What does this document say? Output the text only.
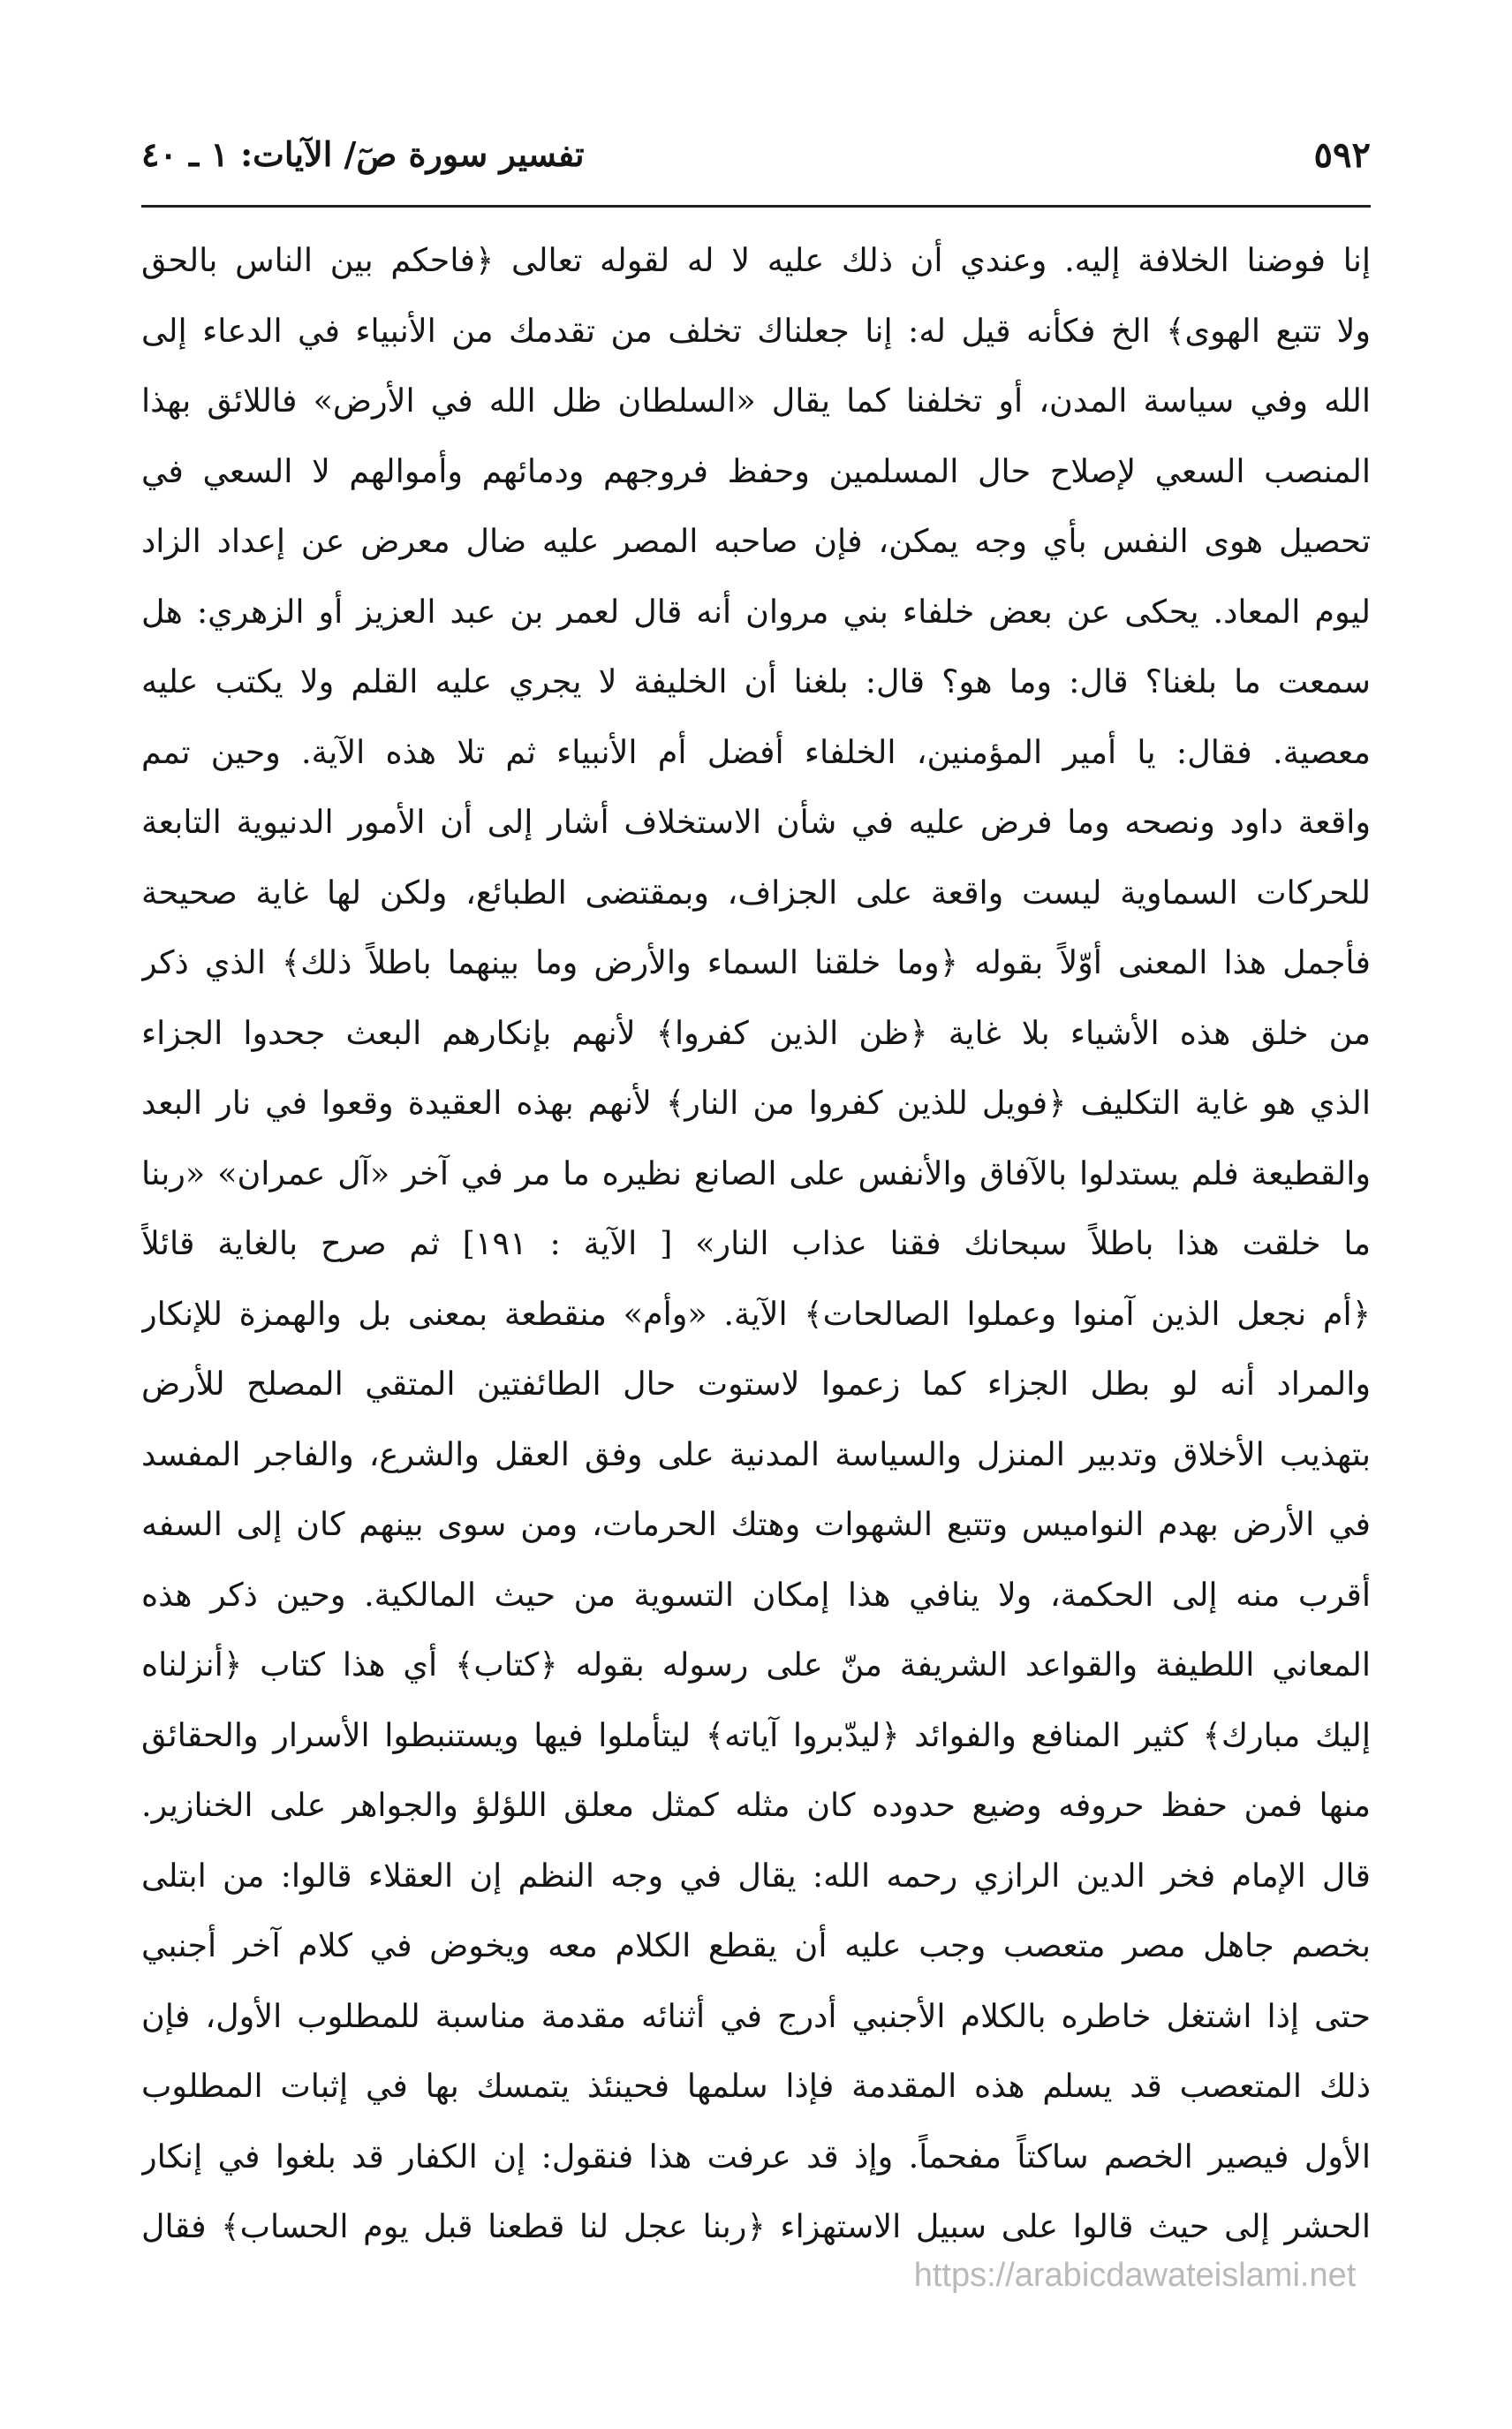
٥٩٢
تفسير سورة صٓ/ الآيات: ١ ـ ٤٠
إنا فوضنا الخلافة إليه. وعندي أن ذلك عليه لا له لقوله تعالى ﴿فاحكم بين الناس بالحق
ولا تتبع الهوى﴾ الخ فكأنه قيل له: إنا جعلناك تخلف من تقدمك من الأنبياء في الدعاء إلى
الله وفي سياسة المدن، أو تخلفنا كما يقال «السلطان ظل الله في الأرض» فاللائق بهذا
المنصب السعي لإصلاح حال المسلمين وحفظ فروجهم ودمائهم وأموالهم لا السعي في
تحصيل هوى النفس بأي وجه يمكن، فإن صاحبه المصر عليه ضال معرض عن إعداد الزاد
ليوم المعاد. يحكى عن بعض خلفاء بني مروان أنه قال لعمر بن عبد العزيز أو الزهري: هل
سمعت ما بلغنا؟ قال: وما هو؟ قال: بلغنا أن الخليفة لا يجري عليه القلم ولا يكتب عليه
معصية. فقال: يا أمير المؤمنين، الخلفاء أفضل أم الأنبياء ثم تلا هذه الآية. وحين تمم
واقعة داود ونصحه وما فرض عليه في شأن الاستخلاف أشار إلى أن الأمور الدنيوية التابعة
للحركات السماوية ليست واقعة على الجزاف، وبمقتضى الطبائع، ولكن لها غاية صحيحة
فأجمل هذا المعنى أوّلاً بقوله ﴿وما خلقنا السماء والأرض وما بينهما باطلاً ذلك﴾ الذي ذكر
من خلق هذه الأشياء بلا غاية ﴿ظن الذين كفروا﴾ لأنهم بإنكارهم البعث جحدوا الجزاء
الذي هو غاية التكليف ﴿فويل للذين كفروا من النار﴾ لأنهم بهذه العقيدة وقعوا في نار البعد
والقطيعة فلم يستدلوا بالآفاق والأنفس على الصانع نظيره ما مر في آخر «آل عمران» «ربنا
ما خلقت هذا باطلاً سبحانك فقنا عذاب النار» [ الآية : ١٩١] ثم صرح بالغاية قائلاً
﴿أم نجعل الذين آمنوا وعملوا الصالحات﴾ الآية. «وأم» منقطعة بمعنى بل والهمزة للإنكار
والمراد أنه لو بطل الجزاء كما زعموا لاستوت حال الطائفتين المتقي المصلح للأرض
بتهذيب الأخلاق وتدبير المنزل والسياسة المدنية على وفق العقل والشرع، والفاجر المفسد
في الأرض بهدم النواميس وتتبع الشهوات وهتك الحرمات، ومن سوى بينهم كان إلى السفه
أقرب منه إلى الحكمة، ولا ينافي هذا إمكان التسوية من حيث المالكية. وحين ذكر هذه
المعاني اللطيفة والقواعد الشريفة منّ على رسوله بقوله ﴿كتاب﴾ أي هذا كتاب ﴿أنزلناه
إليك مبارك﴾ كثير المنافع والفوائد ﴿ليدّبروا آياته﴾ ليتأملوا فيها ويستنبطوا الأسرار والحقائق
منها فمن حفظ حروفه وضيع حدوده كان مثله كمثل معلق اللؤلؤ والجواهر على الخنازير.
قال الإمام فخر الدين الرازي رحمه الله: يقال في وجه النظم إن العقلاء قالوا: من ابتلى
بخصم جاهل مصر متعصب وجب عليه أن يقطع الكلام معه ويخوض في كلام آخر أجنبي
حتى إذا اشتغل خاطره بالكلام الأجنبي أدرج في أثنائه مقدمة مناسبة للمطلوب الأول، فإن
ذلك المتعصب قد يسلم هذه المقدمة فإذا سلمها فحينئذ يتمسك بها في إثبات المطلوب
الأول فيصير الخصم ساكتاً مفحماً. وإذ قد عرفت هذا فنقول: إن الكفار قد بلغوا في إنكار
الحشر إلى حيث قالوا على سبيل الاستهزاء ﴿ربنا عجل لنا قطعنا قبل يوم الحساب﴾ فقال
https://arabicdawateislami.net
